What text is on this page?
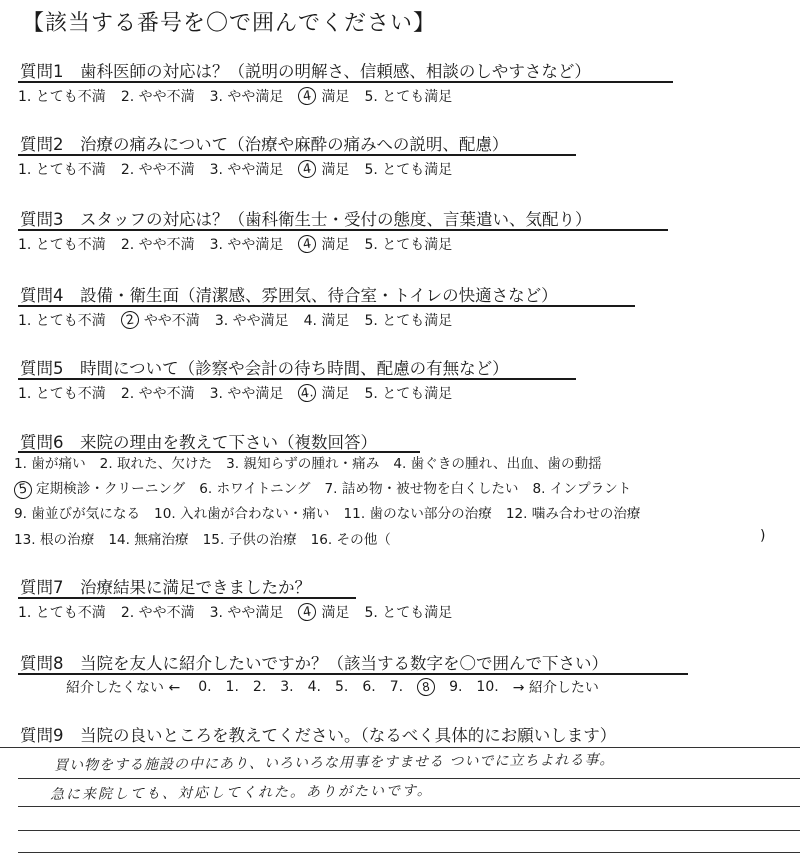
【該当する番号を〇で囲んでください】
質問1　歯科医師の対応は？（説明の明解さ、信頼感、相談のしやすさなど）
1. とても不満 2. やや不満 3. やや満足	4 満足 5. とても満足
質問2　治療の痛みについて（治療や麻酔の痛みへの説明、配慮）
1. とても不満 2. やや不満 3. やや満足	4 満足 5. とても満足
質問3　スタッフの対応は？（歯科衛生士・受付の態度、言葉遣い、気配り）
1. とても不満 2. やや不満 3. やや満足	4 満足 5. とても満足
質問4　設備・衛生面（清潔感、雰囲気、待合室・トイレの快適さなど）
1. とても不満	2 やや不満 3. やや満足 4. 満足 5. とても満足
質問5　時間について（診察や会計の待ち時間、配慮の有無など）
1. とても不満 2. やや不満 3. やや満足 4. 満足 5. とても満足
質問6　来院の理由を教えて下さい（複数回答）
1. 歯が痛い 2. 取れた、欠けた 3. 親知らずの腫れ・痛み 4. 歯ぐきの腫れ、出血、歯の動揺
5 定期検診・クリーニング 6. ホワイトニング 7. 詰め物・被せ物を白くしたい 8. インプラント
9. 歯並びが気になる 10. 入れ歯が合わない・痛い 11. 歯のない部分の治療 12. 噛み合わせの治療
13. 根の治療 14. 無痛治療 15. 子供の治療 16. その他（	)
質問7　治療結果に満足できましたか？
1. とても不満 2. やや不満 3. やや満足	4 満足 5. とても満足
質問8　当院を友人に紹介したいですか？（該当する数字を〇で囲んで下さい）
紹介したくない ← 0. 1. 2. 3. 4. 5. 6. 7.	8	9. 10. → 紹介したい
質問9　当院の良いところを教えてください。（なるべく具体的にお願いします）
買い物をする施設の中にあり、いろいろな用事をすませる ついでに立ちよれる事。
急に来院しても、対応してくれた。ありがたいです。
